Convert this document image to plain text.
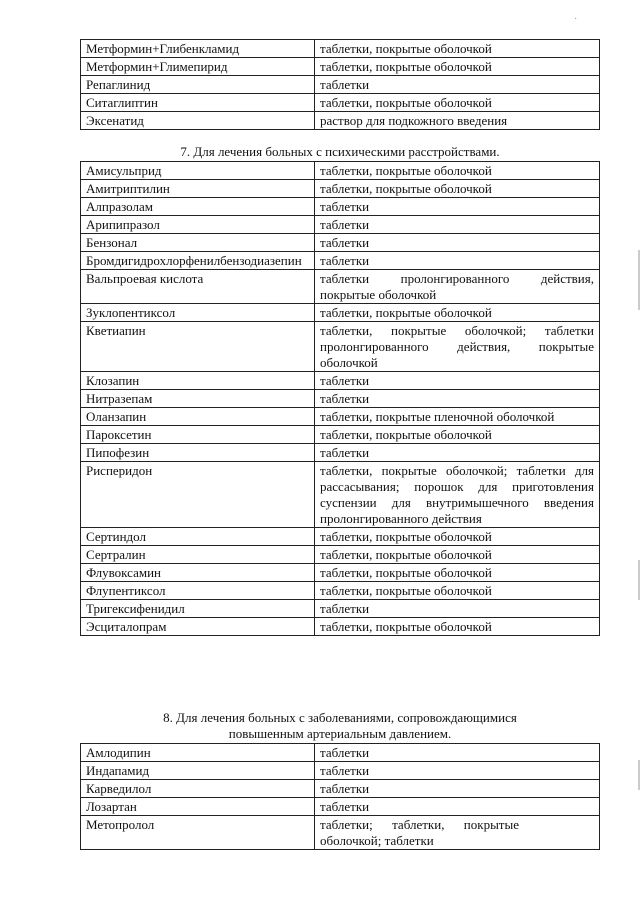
·
Метформин+Глибенкламид	таблетки, покрытые оболочкой
Метформин+Глимепирид	таблетки, покрытые оболочкой
Репаглинид	таблетки
Ситаглиптин	таблетки, покрытые оболочкой
Эксенатид	раствор для подкожного введения
7. Для лечения больных с психическими расстройствами.
Амисульприд	таблетки, покрытые оболочкой
Амитриптилин	таблетки, покрытые оболочкой
Алпразолам	таблетки
Арипипразол	таблетки
Бензонал	таблетки
Бромдигидрохлорфенилбензодиазепин	таблетки
Вальпроевая кислота	таблетки пролонгированного действия, покрытые оболочкой
Зуклопентиксол	таблетки, покрытые оболочкой
Кветиапин	таблетки, покрытые оболочкой; таблетки пролонгированного действия, покрытые оболочкой
Клозапин	таблетки
Нитразепам	таблетки
Оланзапин	таблетки, покрытые пленочной оболочкой
Пароксетин	таблетки, покрытые оболочкой
Пипофезин	таблетки
Рисперидон	таблетки, покрытые оболочкой; таблетки для рассасывания; порошок для приготовления суспензии для внутримышечного введения пролонгированного действия
Сертиндол	таблетки, покрытые оболочкой
Сертралин	таблетки, покрытые оболочкой
Флувоксамин	таблетки, покрытые оболочкой
Флупентиксол	таблетки, покрытые оболочкой
Тригексифенидил	таблетки
Эсциталопрам	таблетки, покрытые оболочкой
8. Для лечения больных с заболеваниями, сопровождающимися
повышенным артериальным давлением.
Амлодипин	таблетки
Индапамид	таблетки
Карведилол	таблетки
Лозартан	таблетки
Метопролол	таблетки; таблетки, покрытые оболочкой; таблетки
